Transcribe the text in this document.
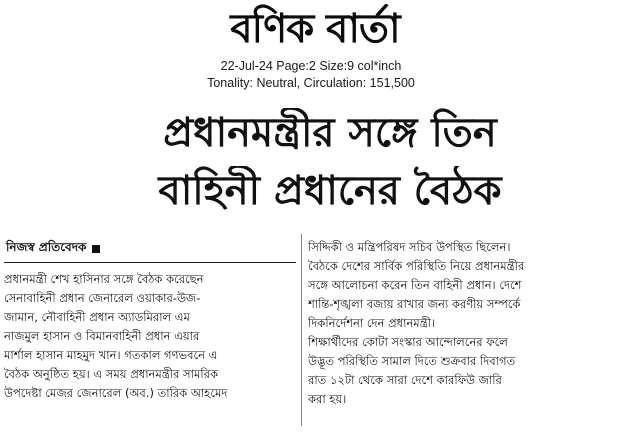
বণিক বার্তা
22-Jul-24 Page:2 Size:9 col*inch
Tonality: Neutral, Circulation: 151,500
প্রধানমন্ত্রীর সঙ্গে তিন
বাহিনী প্রধানের বৈঠক
নিজস্ব প্রতিবেদক
প্রধানমন্ত্রী শেখ হাসিনার সঙ্গে বৈঠক করেছেন
সেনাবাহিনী প্রধান জেনারেল ওয়াকার-উজ-
জামান, নৌবাহিনী প্রধান অ্যাডমিরাল এম
নাজমুল হাসান ও বিমানবাহিনী প্রধান এয়ার
মার্শাল হাসান মাহমুদ খান। গতকাল গণভবনে এ
বৈঠক অনুষ্ঠিত হয়। এ সময় প্রধানমন্ত্রীর সামরিক
উপদেষ্টা মেজর জেনারেল (অব.) তারিক আহমেদ
সিদ্দিকী ও মন্ত্রিপরিষদ সচিব উপস্থিত ছিলেন।
বৈঠকে দেশের সার্বিক পরিস্থিতি নিয়ে প্রধানমন্ত্রীর
সঙ্গে আলোচনা করেন তিন বাহিনী প্রধান। দেশে
শান্তি-শৃঙ্খলা বজায় রাখার জন্য করণীয় সম্পর্কে
দিকনির্দেশনা দেন প্রধানমন্ত্রী।
শিক্ষার্থীদের কোটা সংস্কার আন্দোলনের ফলে
উদ্ভূত পরিস্থিতি সামাল দিতে শুক্রবার দিবাগত
রাত ১২টা থেকে সারা দেশে কারফিউ জারি
করা হয়।
